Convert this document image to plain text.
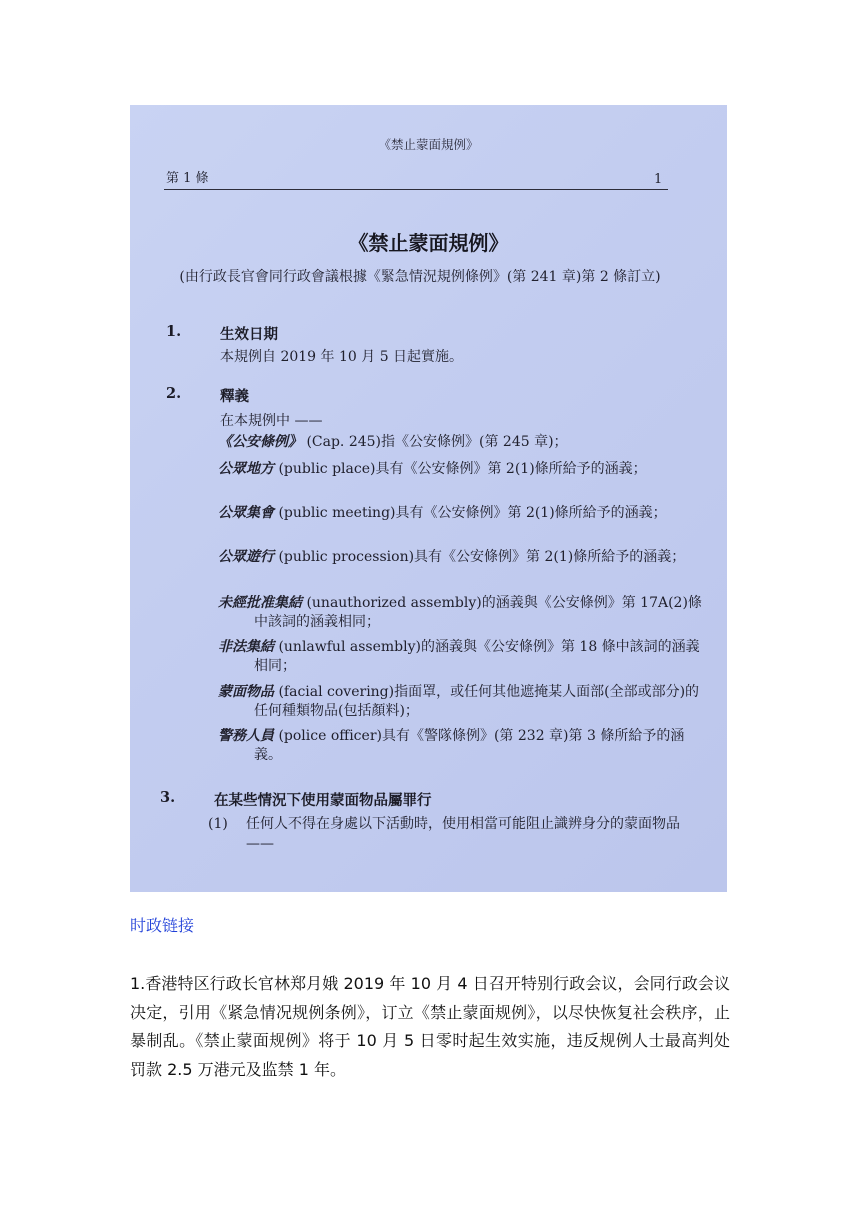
《禁止蒙面規例》
第 1 條	1
《禁止蒙面規例》
(由行政長官會同行政會議根據《緊急情況規例條例》(第 241 章)第 2 條訂立)
1.	生效日期
本規例自 2019 年 10 月 5 日起實施。
2.	釋義
在本規例中 ——
《公安條例》 (Cap. 245)指《公安條例》(第 245 章)；
公眾地方 (public place)具有《公安條例》第 2(1)條所給予的涵義；
公眾集會 (public meeting)具有《公安條例》第 2(1)條所給予的涵義；
公眾遊行 (public procession)具有《公安條例》第 2(1)條所給予的涵義；
未經批准集結 (unauthorized assembly)的涵義與《公安條例》第 17A(2)條中該詞的涵義相同；
非法集結 (unlawful assembly)的涵義與《公安條例》第 18 條中該詞的涵義相同；
蒙面物品 (facial covering)指面罩，或任何其他遮掩某人面部(全部或部分)的任何種類物品(包括顏料)；
警務人員 (police officer)具有《警隊條例》(第 232 章)第 3 條所給予的涵義。
3.	在某些情況下使用蒙面物品屬罪行
(1) 任何人不得在身處以下活動時，使用相當可能阻止識辨身分的蒙面物品 ——
时政链接
1.香港特区行政长官林郑月娥 2019 年 10 月 4 日召开特别行政会议，会同行政会议决定，引用《紧急情况规例条例》，订立《禁止蒙面规例》，以尽快恢复社会秩序，止暴制乱。《禁止蒙面规例》将于 10 月 5 日零时起生效实施，违反规例人士最高判处罚款 2.5 万港元及监禁 1 年。
